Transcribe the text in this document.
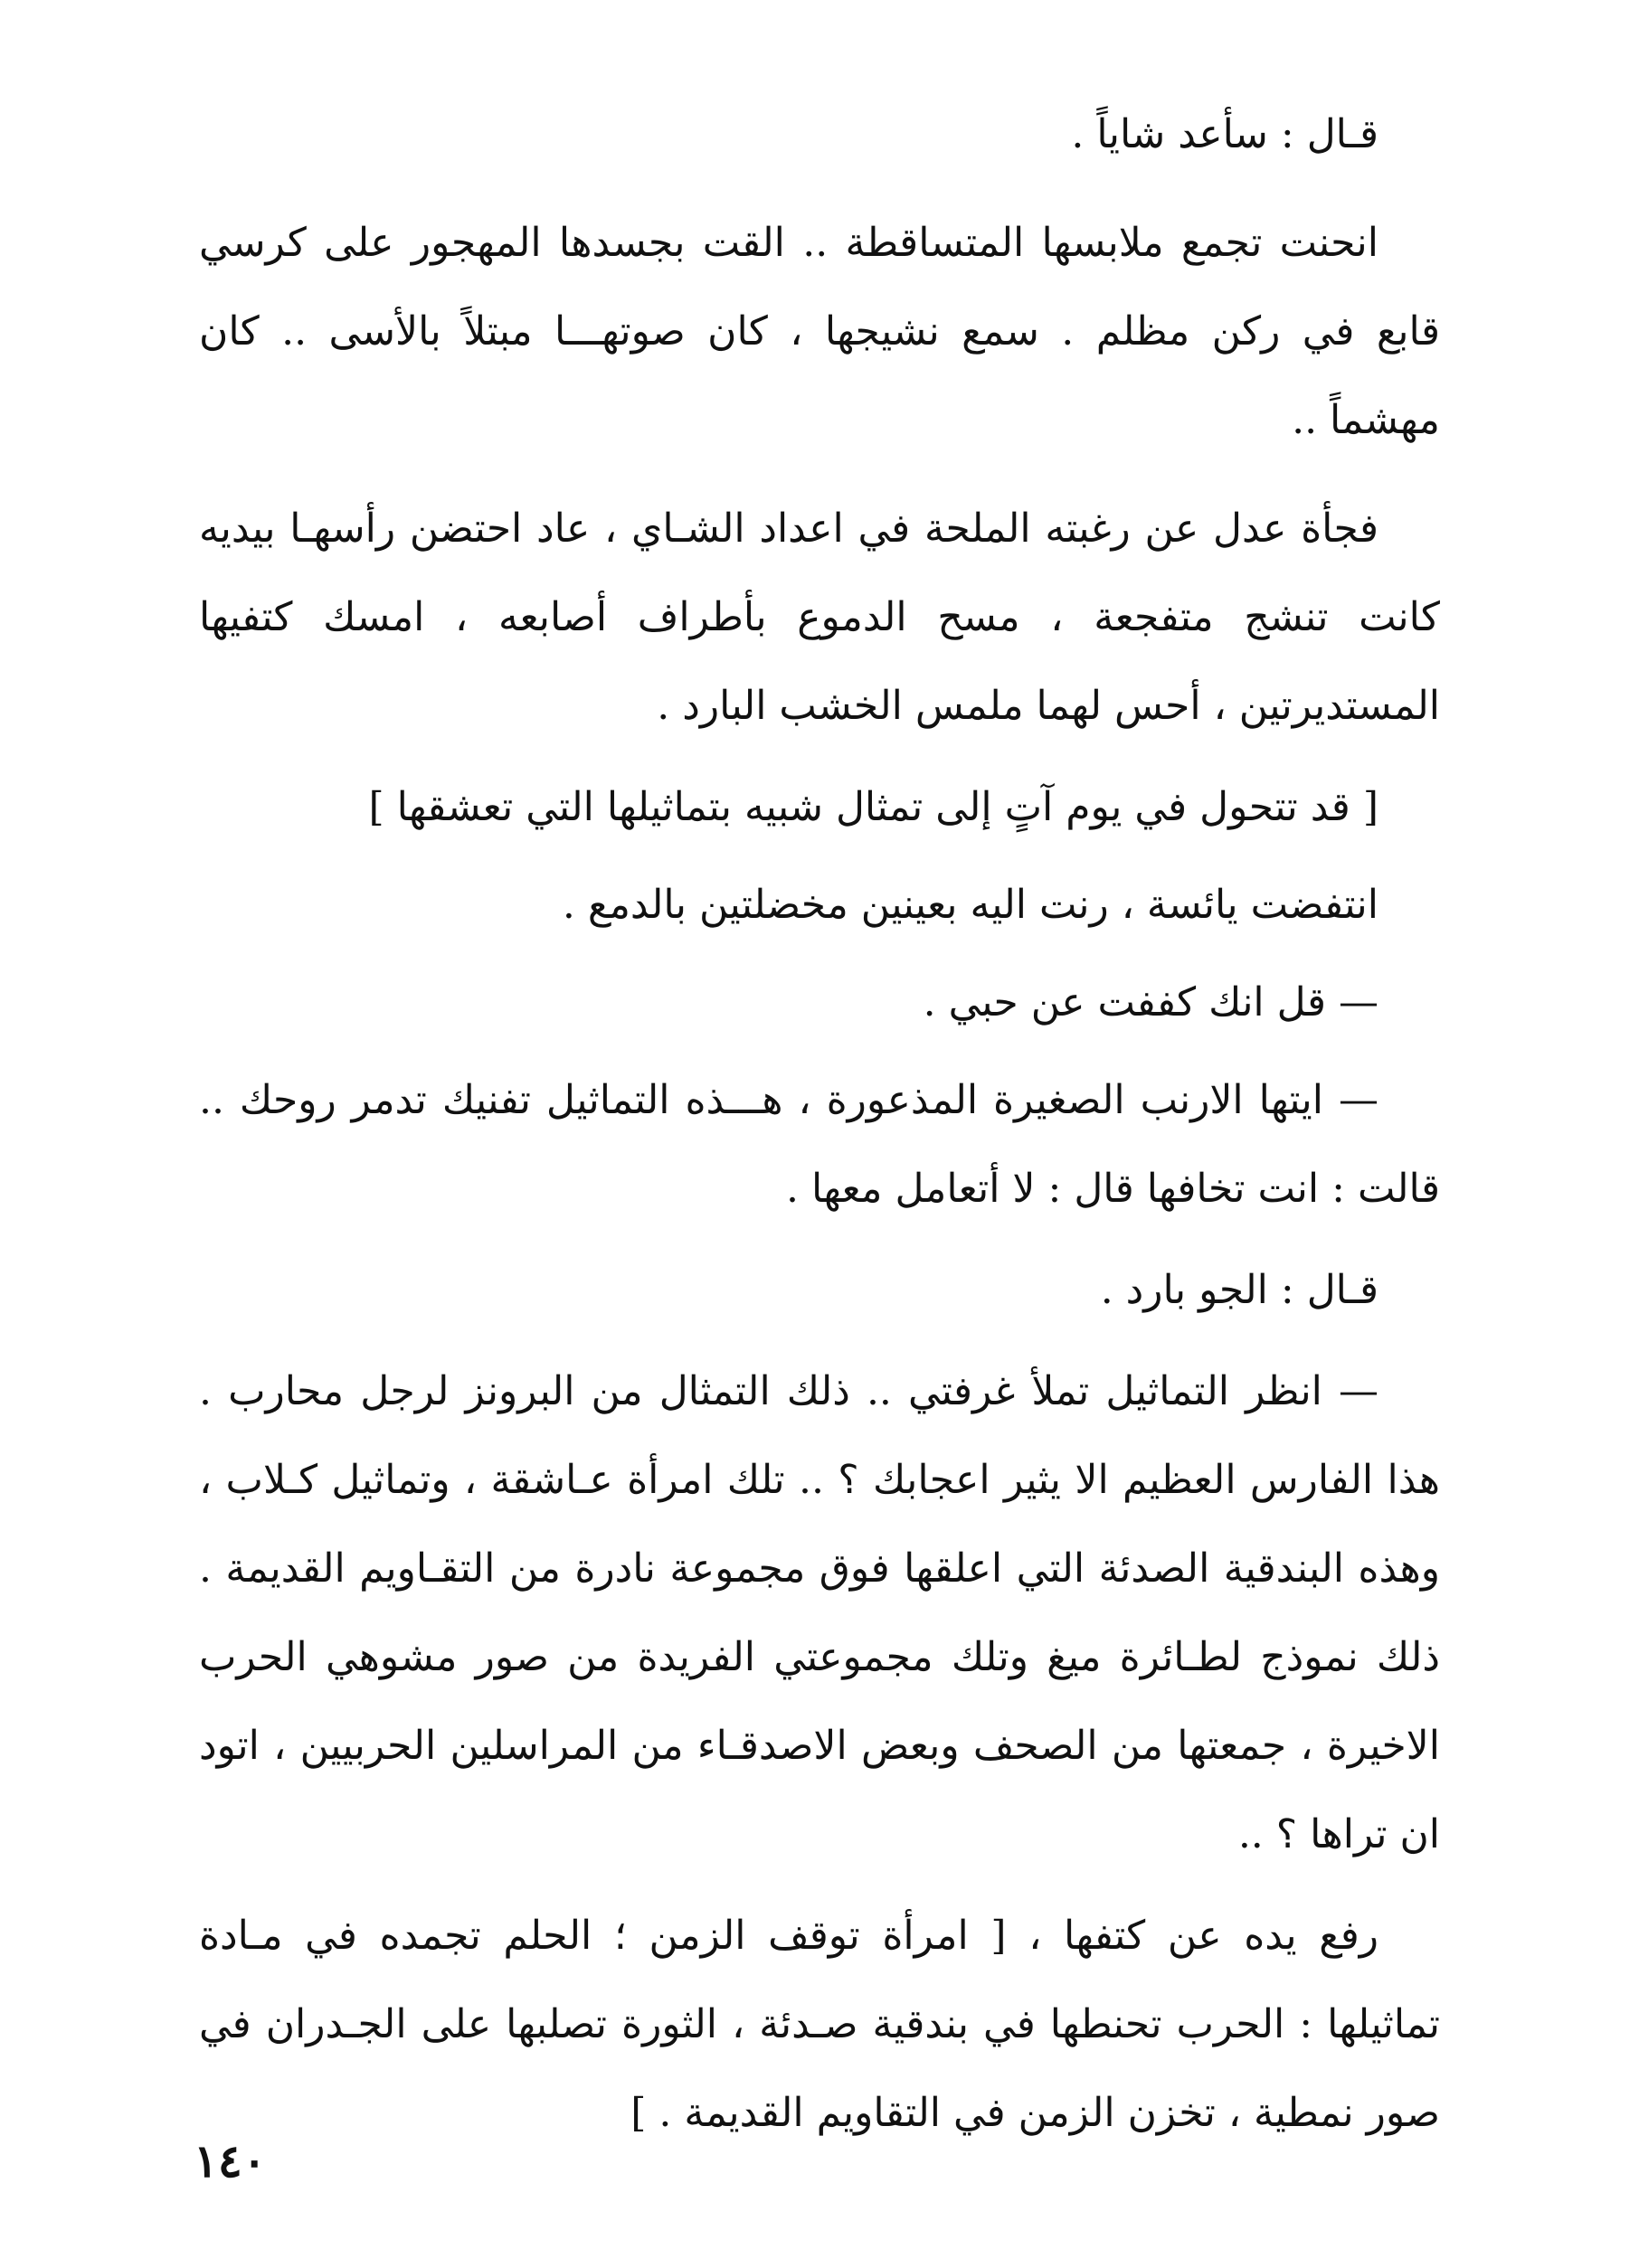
قـال : سأعد شاياً .

انحنت تجمع ملابسها المتساقطة .. القت بجسدها المهجور على كرسي قابع في ركن مظلم . سمع نشيجها ، كان صوتهـــا مبتلاً بالأسى .. كان مهشماً ..

فجأة عدل عن رغبته الملحة في اعداد الشـاي ، عاد احتضن رأسهـا بيديه كانت تنشج متفجعة ، مسح الدموع بأطراف أصابعه ، امسك كتفيها المستديرتين ، أحس لهما ملمس الخشب البارد .

[ قد تتحول في يوم آتٍ إلى تمثال شبيه بتماثيلها التي تعشقها ]

انتفضت يائسة ، رنت اليه بعينين مخضلتين بالدمع .

— قل انك كففت عن حبي .

— ايتها الارنب الصغيرة المذعورة ، هـــذه التماثيل تفنيك تدمر روحك .. قالت : انت تخافها قال : لا أتعامل معها .

قـال : الجو بارد .

— انظر التماثيل تملأ غرفتي .. ذلك التمثال من البرونز لرجل محارب . هذا الفارس العظيم الا يثير اعجابك ؟ .. تلك امرأة عـاشقة ، وتماثيل كـلاب ، وهذه البندقية الصدئة التي اعلقها فوق مجموعة نادرة من التقـاويم القديمة . ذلك نموذج لطـائرة ميغ وتلك مجموعتي الفريدة من صور مشوهي الحرب الاخيرة ، جمعتها من الصحف وبعض الاصدقـاء من المراسلين الحربيين ، اتود ان تراها ؟ ..

رفع يده عن كتفها ، [ امرأة توقف الزمن ؛ الحلم تجمده في مـادة تماثيلها : الحرب تحنطها في بندقية صـدئة ، الثورة تصلبها على الجـدران في صور نمطية ، تخزن الزمن في التقاويم القديمة . ]

١٤٠
